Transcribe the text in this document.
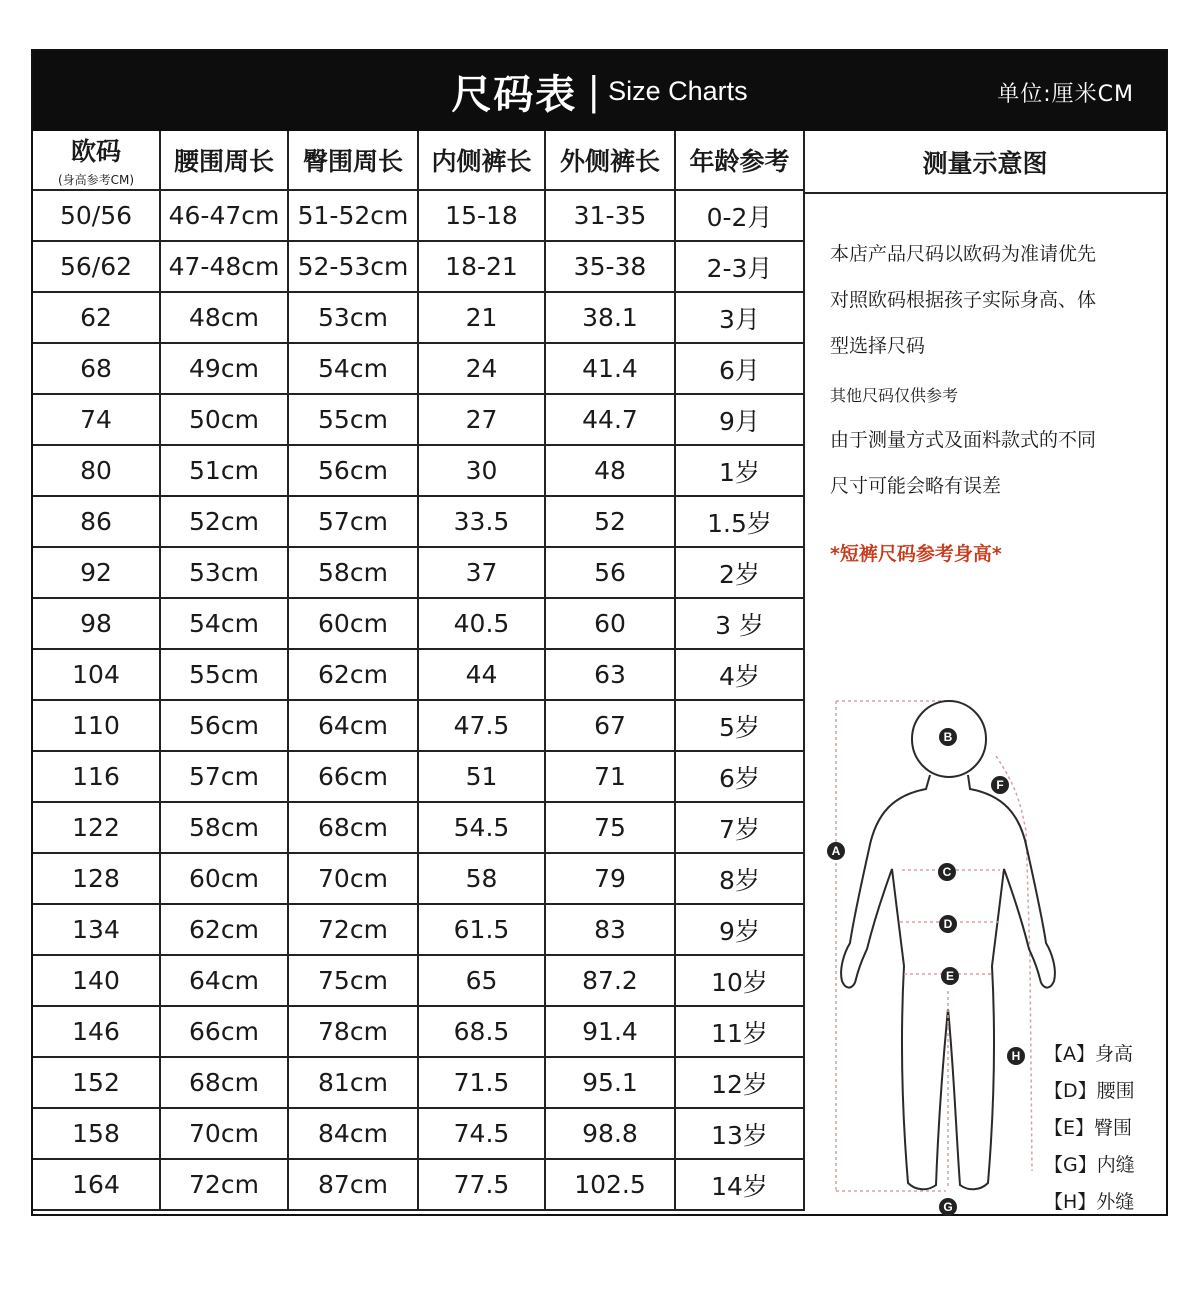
尺码表 | Size Charts	单位:厘米CM
欧码
(身高参考CM)	腰围周长	臀围周长	内侧裤长	外侧裤长	年龄参考
50/56	46-47cm	51-52cm	15-18	31-35	0-2月
56/62	47-48cm	52-53cm	18-21	35-38	2-3月
62	48cm	53cm	21	38.1	3月
68	49cm	54cm	24	41.4	6月
74	50cm	55cm	27	44.7	9月
80	51cm	56cm	30	48	1岁
86	52cm	57cm	33.5	52	1.5岁
92	53cm	58cm	37	56	2岁
98	54cm	60cm	40.5	60	3 岁
104	55cm	62cm	44	63	4岁
110	56cm	64cm	47.5	67	5岁
116	57cm	66cm	51	71	6岁
122	58cm	68cm	54.5	75	7岁
128	60cm	70cm	58	79	8岁
134	62cm	72cm	61.5	83	9岁
140	64cm	75cm	65	87.2	10岁
146	66cm	78cm	68.5	91.4	11岁
152	68cm	81cm	71.5	95.1	12岁
158	70cm	84cm	74.5	98.8	13岁
164	72cm	87cm	77.5	102.5	14岁
测量示意图

本店产品尺码以欧码为准请优先

对照欧码根据孩子实际身高、体

型选择尺码

其他尺码仅供参考

由于测量方式及面料款式的不同

尺寸可能会略有误差

*短裤尺码参考身高*

A
B
C
D
E
F
G
H 【A】身高
【D】腰围
【E】臀围
【G】内缝
【H】外缝
